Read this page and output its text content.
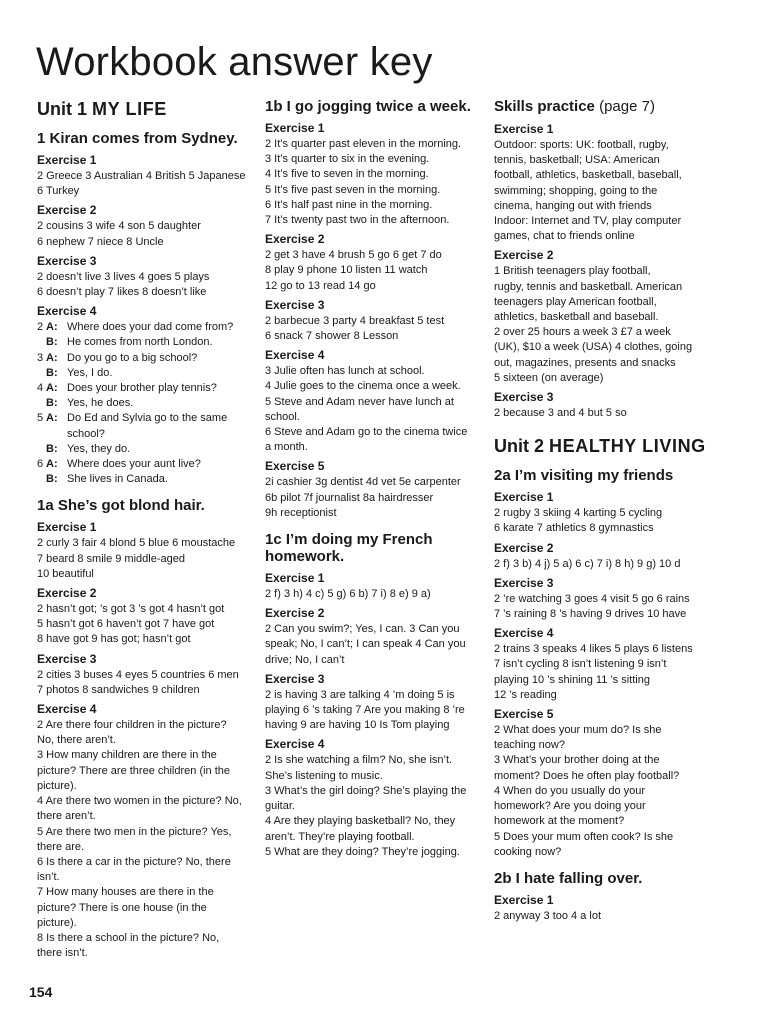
Workbook answer key
Unit 1 MY LIFE
1 Kiran comes from Sydney.
Exercise 1
2 Greece 3 Australian 4 British 5 Japanese
6 Turkey
Exercise 2
2 cousins 3 wife 4 son 5 daughter
6 nephew 7 niece 8 Uncle
Exercise 3
2 doesn’t live 3 lives 4 goes 5 plays
6 doesn’t play 7 likes 8 doesn’t like
Exercise 4
2 A: Where does your dad come from?
B: He comes from north London.
3 A: Do you go to a big school?
B: Yes, I do.
4 A: Does your brother play tennis?
B: Yes, he does.
5 A: Do Ed and Sylvia go to the same
school?
B: Yes, they do.
6 A: Where does your aunt live?
B: She lives in Canada.
1a She’s got blond hair.
Exercise 1
2 curly 3 fair 4 blond 5 blue 6 moustache
7 beard 8 smile 9 middle-aged
10 beautiful
Exercise 2
2 hasn’t got; ’s got 3 ’s got 4 hasn’t got
5 hasn’t got 6 haven’t got 7 have got
8 have got 9 has got; hasn’t got
Exercise 3
2 cities 3 buses 4 eyes 5 countries 6 men
7 photos 8 sandwiches 9 children
Exercise 4
2 Are there four children in the picture?
No, there aren’t.
3 How many children are there in the
picture? There are three children (in the
picture).
4 Are there two women in the picture? No,
there aren’t.
5 Are there two men in the picture? Yes,
there are.
6 Is there a car in the picture? No, there
isn’t.
7 How many houses are there in the
picture? There is one house (in the
picture).
8 Is there a school in the picture? No,
there isn’t.
1b I go jogging twice a week.
Exercise 1
2 It’s quarter past eleven in the morning.
3 It’s quarter to six in the evening.
4 It’s five to seven in the morning.
5 It’s five past seven in the morning.
6 It’s half past nine in the morning.
7 It’s twenty past two in the afternoon.
Exercise 2
2 get 3 have 4 brush 5 go 6 get 7 do
8 play 9 phone 10 listen 11 watch
12 go to 13 read 14 go
Exercise 3
2 barbecue 3 party 4 breakfast 5 test
6 snack 7 shower 8 Lesson
Exercise 4
3 Julie often has lunch at school.
4 Julie goes to the cinema once a week.
5 Steve and Adam never have lunch at
school.
6 Steve and Adam go to the cinema twice
a month.
Exercise 5
2i cashier 3g dentist 4d vet 5e carpenter
6b pilot 7f journalist 8a hairdresser
9h receptionist
1c I’m doing my French homework.
Exercise 1
2 f) 3 h) 4 c) 5 g) 6 b) 7 i) 8 e) 9 a)
Exercise 2
2 Can you swim?; Yes, I can. 3 Can you
speak; No, I can’t; I can speak 4 Can you
drive; No, I can’t
Exercise 3
2 is having 3 are talking 4 ’m doing 5 is
playing 6 ’s taking 7 Are you making 8 ’re
having 9 are having 10 Is Tom playing
Exercise 4
2 Is she watching a film? No, she isn’t.
She’s listening to music.
3 What’s the girl doing? She’s playing the
guitar.
4 Are they playing basketball? No, they
aren’t. They’re playing football.
5 What are they doing? They’re jogging.
Skills practice (page 7)
Exercise 1
Outdoor: sports: UK: football, rugby,
tennis, basketball; USA: American
football, athletics, basketball, baseball,
swimming; shopping, going to the
cinema, hanging out with friends
Indoor: Internet and TV, play computer
games, chat to friends online
Exercise 2
1 British teenagers play football,
rugby, tennis and basketball. American
teenagers play American football,
athletics, basketball and baseball.
2 over 25 hours a week 3 £7 a week
(UK), $10 a week (USA) 4 clothes, going
out, magazines, presents and snacks
5 sixteen (on average)
Exercise 3
2 because 3 and 4 but 5 so
Unit 2 HEALTHY LIVING
2a I’m visiting my friends
Exercise 1
2 rugby 3 skiing 4 karting 5 cycling
6 karate 7 athletics 8 gymnastics
Exercise 2
2 f) 3 b) 4 j) 5 a) 6 c) 7 i) 8 h) 9 g) 10 d
Exercise 3
2 ’re watching 3 goes 4 visit 5 go 6 rains
7 ’s raining 8 ’s having 9 drives 10 have
Exercise 4
2 trains 3 speaks 4 likes 5 plays 6 listens
7 isn’t cycling 8 isn’t listening 9 isn’t
playing 10 ’s shining 11 ’s sitting
12 ’s reading
Exercise 5
2 What does your mum do? Is she
teaching now?
3 What’s your brother doing at the
moment? Does he often play football?
4 When do you usually do your
homework? Are you doing your
homework at the moment?
5 Does your mum often cook? Is she
cooking now?
2b I hate falling over.
Exercise 1
2 anyway 3 too 4 a lot
154
